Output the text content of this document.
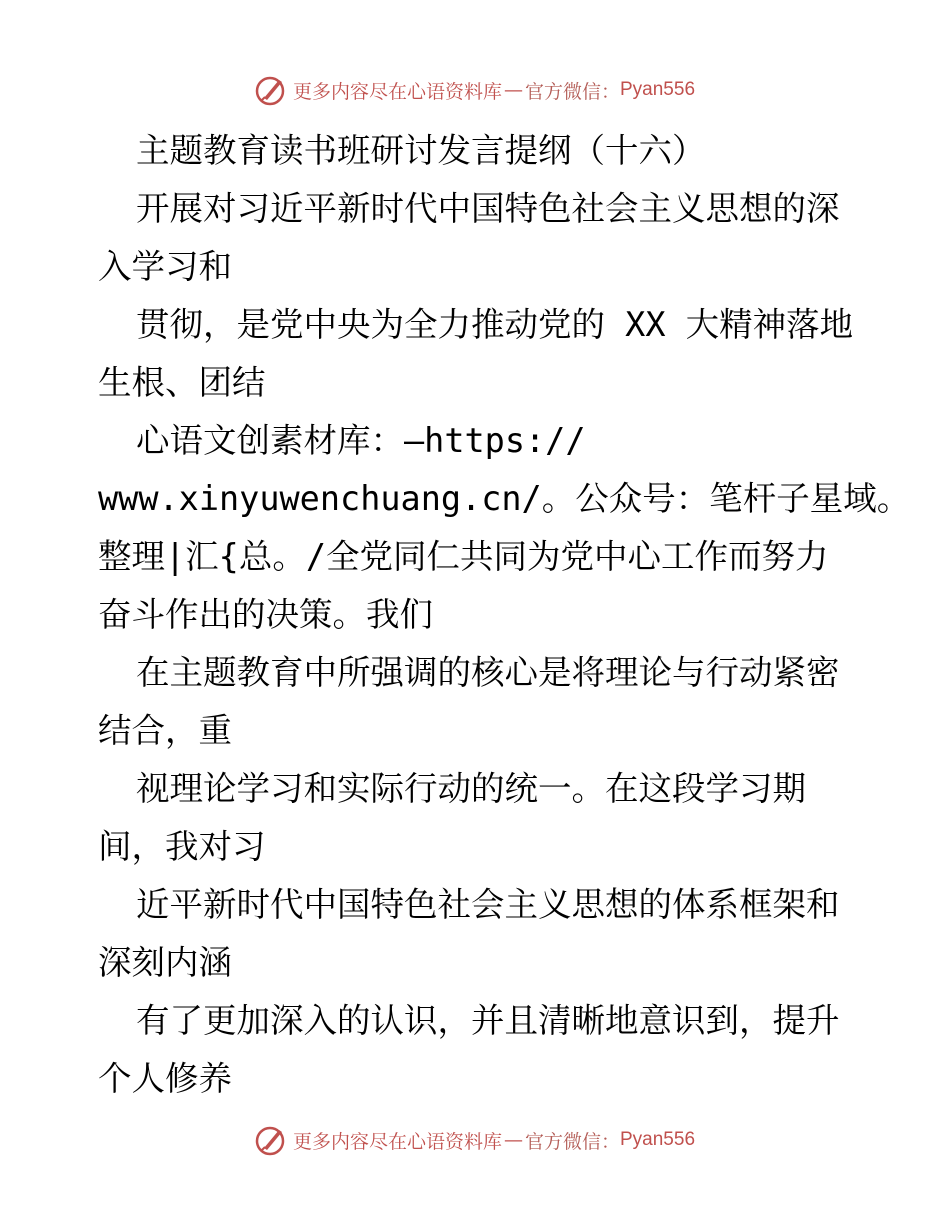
更多内容尽在心语资料库 — 官方微信： Pyan556
主题教育读书班研讨发言提纲（十六）
开展对习近平新时代中国特色社会主义思想的深
入学习和
贯彻，是党中央为全力推动党的 XX 大精神落地
生根、团结
心语文创素材库：—https://
www.xinyuwenchuang.cn/。公众号：笔杆子星域。
整理|汇{总。/全党同仁共同为党中心工作而努力
奋斗作出的决策。我们
在主题教育中所强调的核心是将理论与行动紧密
结合，重
视理论学习和实际行动的统一。在这段学习期
间，我对习
近平新时代中国特色社会主义思想的体系框架和
深刻内涵
有了更加深入的认识，并且清晰地意识到，提升
个人修养
更多内容尽在心语资料库 — 官方微信： Pyan556
